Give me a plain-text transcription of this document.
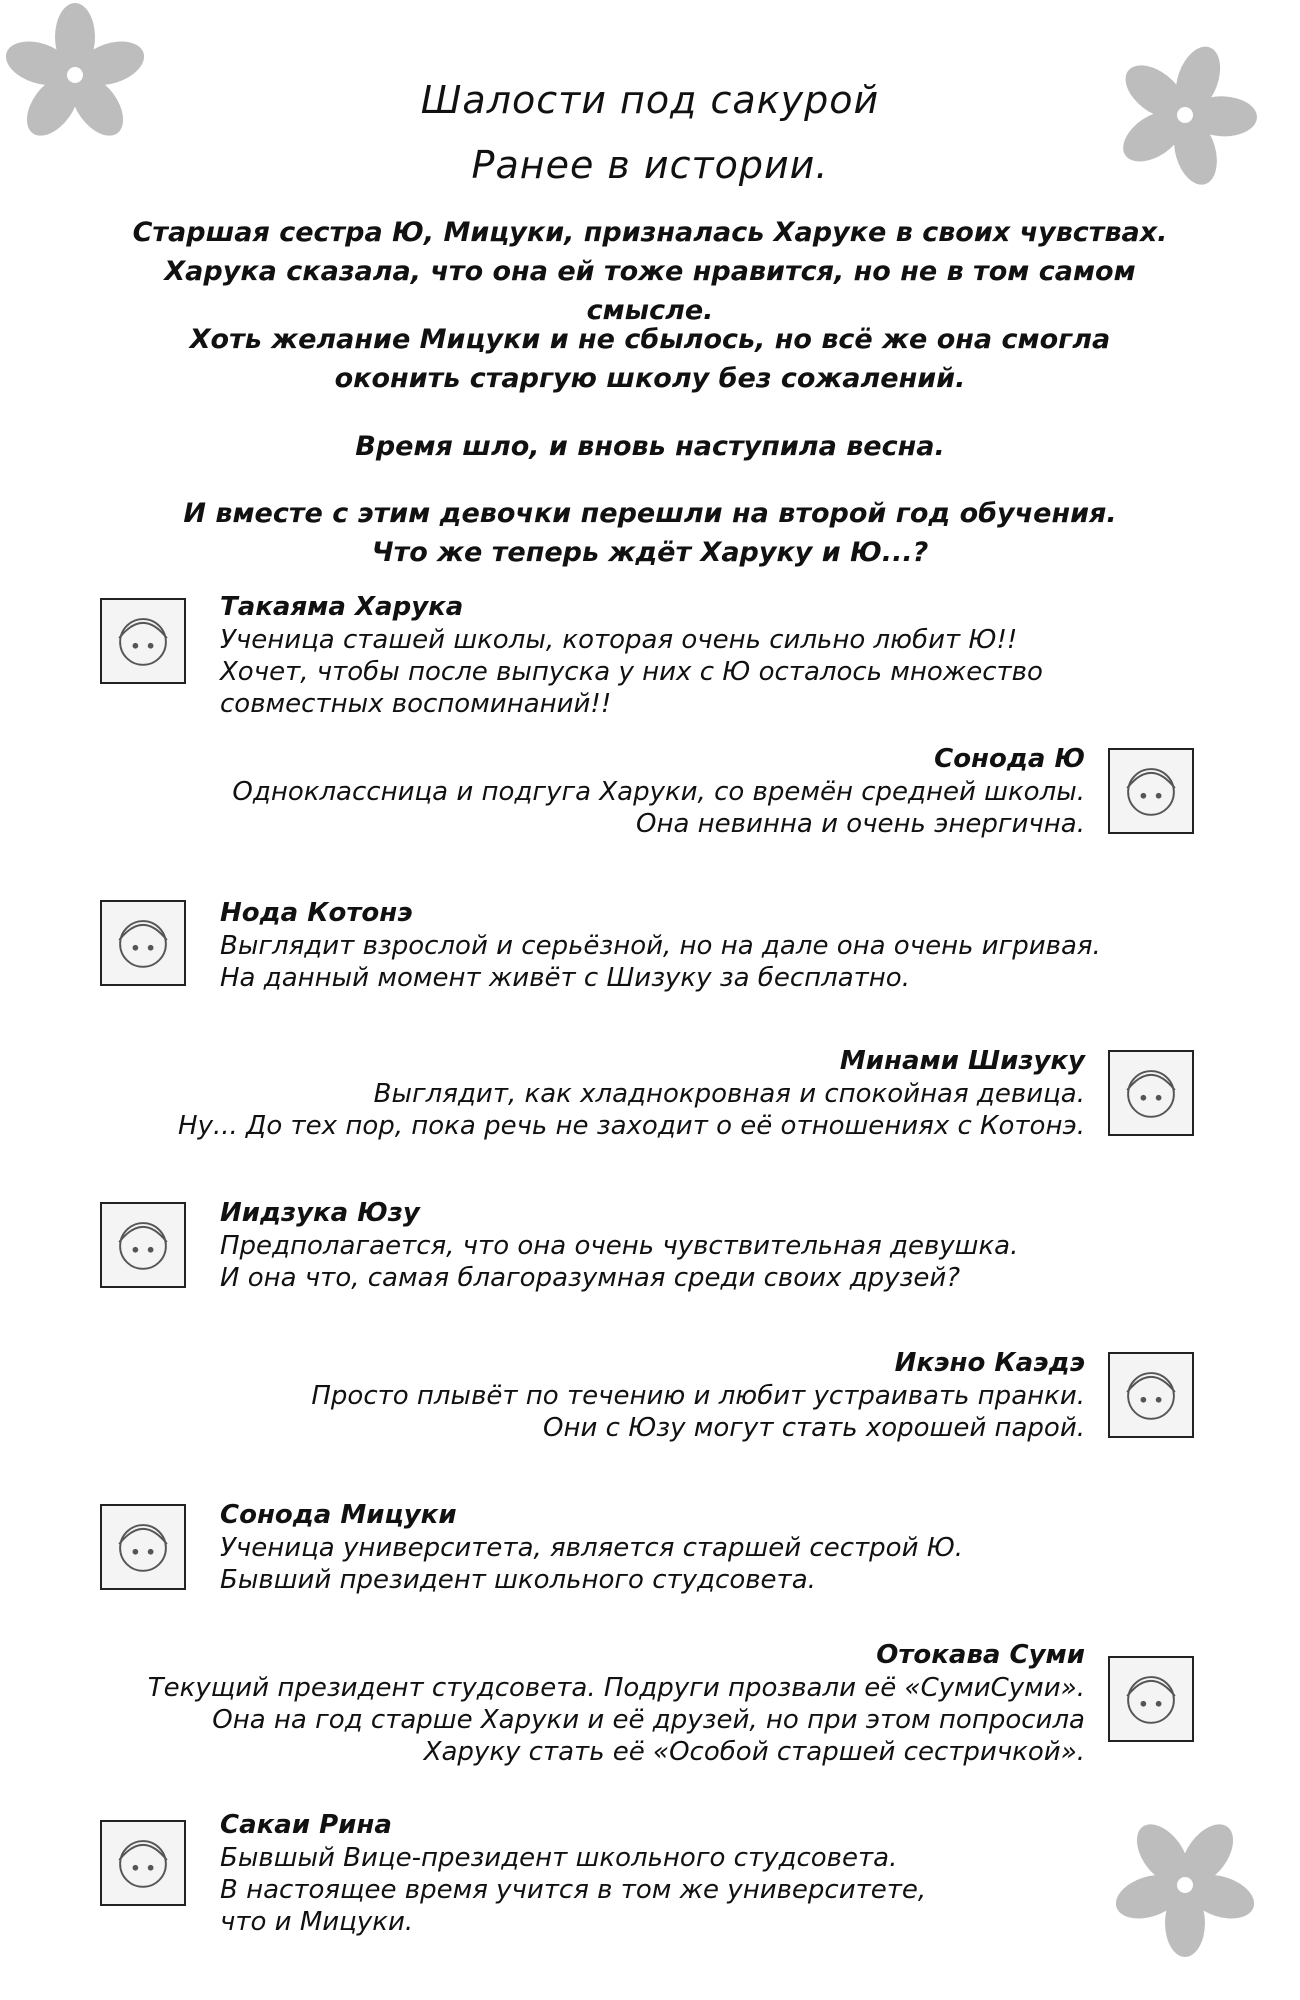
Шалости под сакурой
Ранее в истории.
Старшая сестра Ю, Мицуки, призналась Харуке в своих чувствах.
Харука сказала, что она ей тоже нравится, но не в том самом смысле.
Хоть желание Мицуки и не сбылось, но всё же она смогла
оконить старгую школу без сожалений.
Время шло, и вновь наступила весна.
И вместе с этим девочки перешли на второй год обучения.
Что же теперь ждёт Харуку и Ю...?
Такаяма Харука
Ученица сташей школы, которая очень сильно любит Ю!!
Хочет, чтобы после выпуска у них с Ю осталось множество
совместных воспоминаний!!
Сонода Ю
Одноклассница и подгуга Харуки, со времён средней школы.
Она невинна и очень энергична.
Нода Котонэ
Выглядит взрослой и серьёзной, но на дале она очень игривая.
На данный момент живёт с Шизуку за бесплатно.
Минами Шизуку
Выглядит, как хладнокровная и спокойная девица.
Ну... До тех пор, пока речь не заходит о её отношениях с Котонэ.
Иидзука Юзу
Предполагается, что она очень чувствительная девушка.
И она что, самая благоразумная среди своих друзей?
Икэно Каэдэ
Просто плывёт по течению и любит устраивать пранки.
Они с Юзу могут стать хорошей парой.
Сонода Мицуки
Ученица университета, является старшей сестрой Ю.
Бывший президент школьного студсовета.
Отокава Суми
Текущий президент студсовета. Подруги прозвали её «СумиСуми».
Она на год старше Харуки и её друзей, но при этом попросила
Харуку стать её «Особой старшей сестричкой».
Сакаи Рина
Бывшый Вице-президент школьного студсовета.
В настоящее время учится в том же университете,
что и Мицуки.
